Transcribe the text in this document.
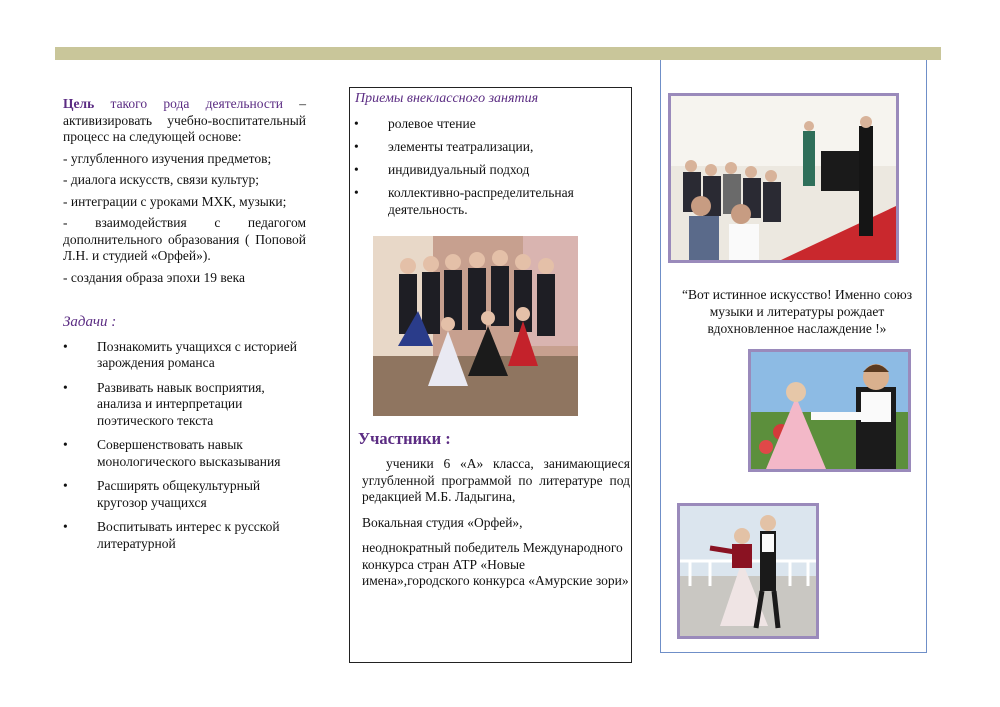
Цель такого рода деятельности – активизировать учебно-воспитательный процесс на следующей основе:
- углубленного изучения предметов;
- диалога искусств, связи культур;
- интеграции с уроками МХК, музыки;
- взаимодействия с педагогом дополнительного образования ( Поповой Л.Н. и студией «Орфей»).
- создания образа эпохи 19 века
Задачи :
• Познакомить учащихся с историей зарождения романса
• Развивать навык восприятия, анализа и интерпретации поэтического текста
• Совершенствовать навык монологического высказывания
• Расширять общекультурный кругозор учащихся
• Воспитывать интерес к русской литературной
Приемы внеклассного занятия
• ролевое чтение
• элементы театрализации,
• индивидуальный подход
• коллективно-распределительная деятельность.
Участники :
ученики 6 «А» класса, занимающиеся углубленной программой по литературе под редакцией М.Б. Ладыгина,
Вокальная студия «Орфей»,
неоднократный победитель Международного конкурса стран АТР «Новые имена»,городского конкурса «Амурские зори»
“Вот истинное искусство! Именно союз музыки и литературы рождает вдохновленное наслаждение !»
